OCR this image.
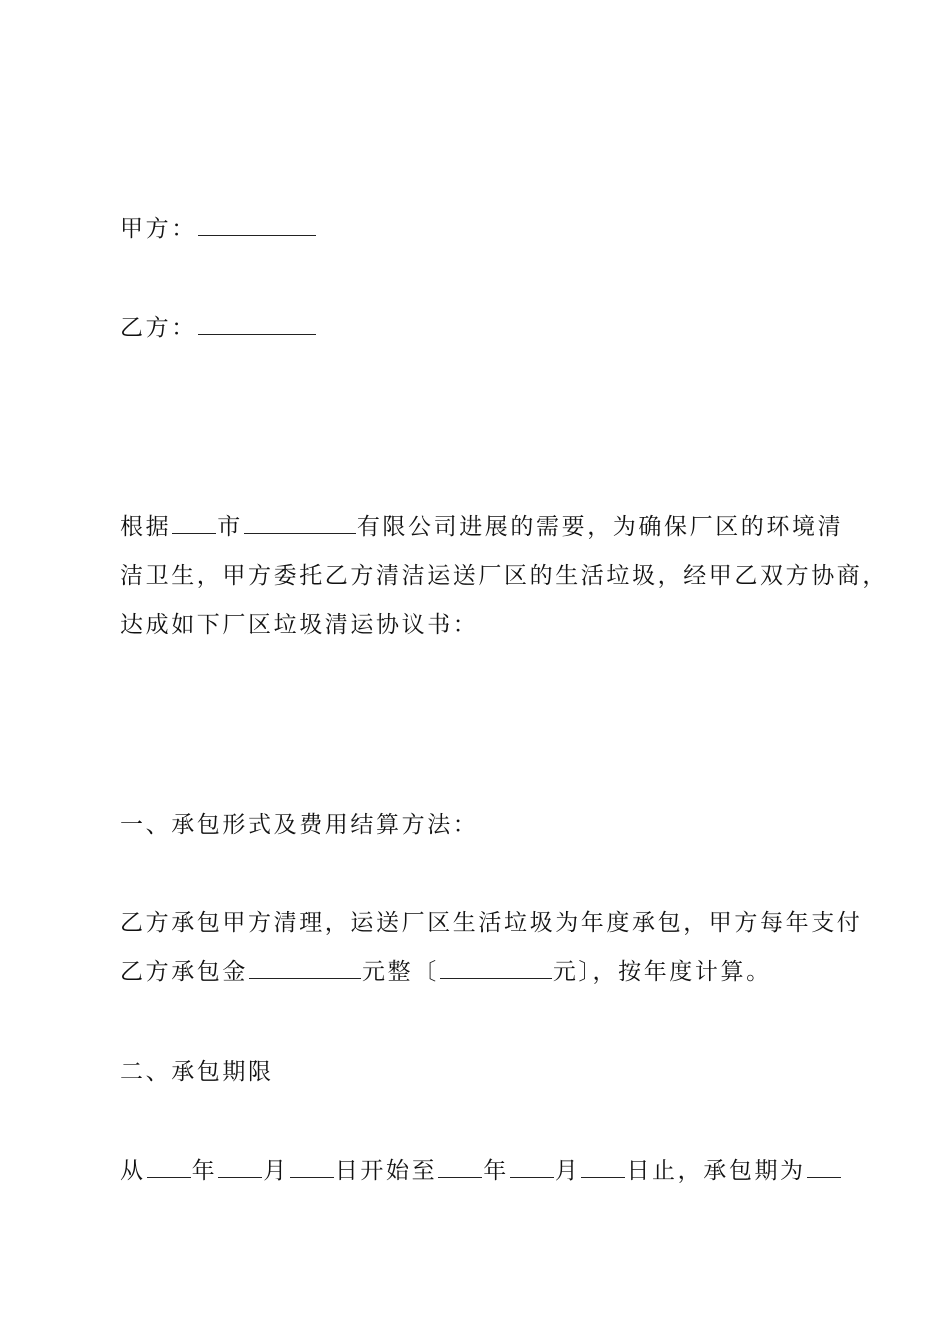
甲方：
乙方：
根据 市	有限公司进展的需要，为确保厂区的环境清
洁卫生，甲方委托乙方清洁运送厂区的生活垃圾，经甲乙双方协商，
达成如下厂区垃圾清运协议书：
一、承包形式及费用结算方法：
乙方承包甲方清理，运送厂区生活垃圾为年度承包，甲方每年支付
乙方承包金	元整〔	元〕，按年度计算。
二、承包期限
从 年 月 日开始至 年 月 日止，承包期为
